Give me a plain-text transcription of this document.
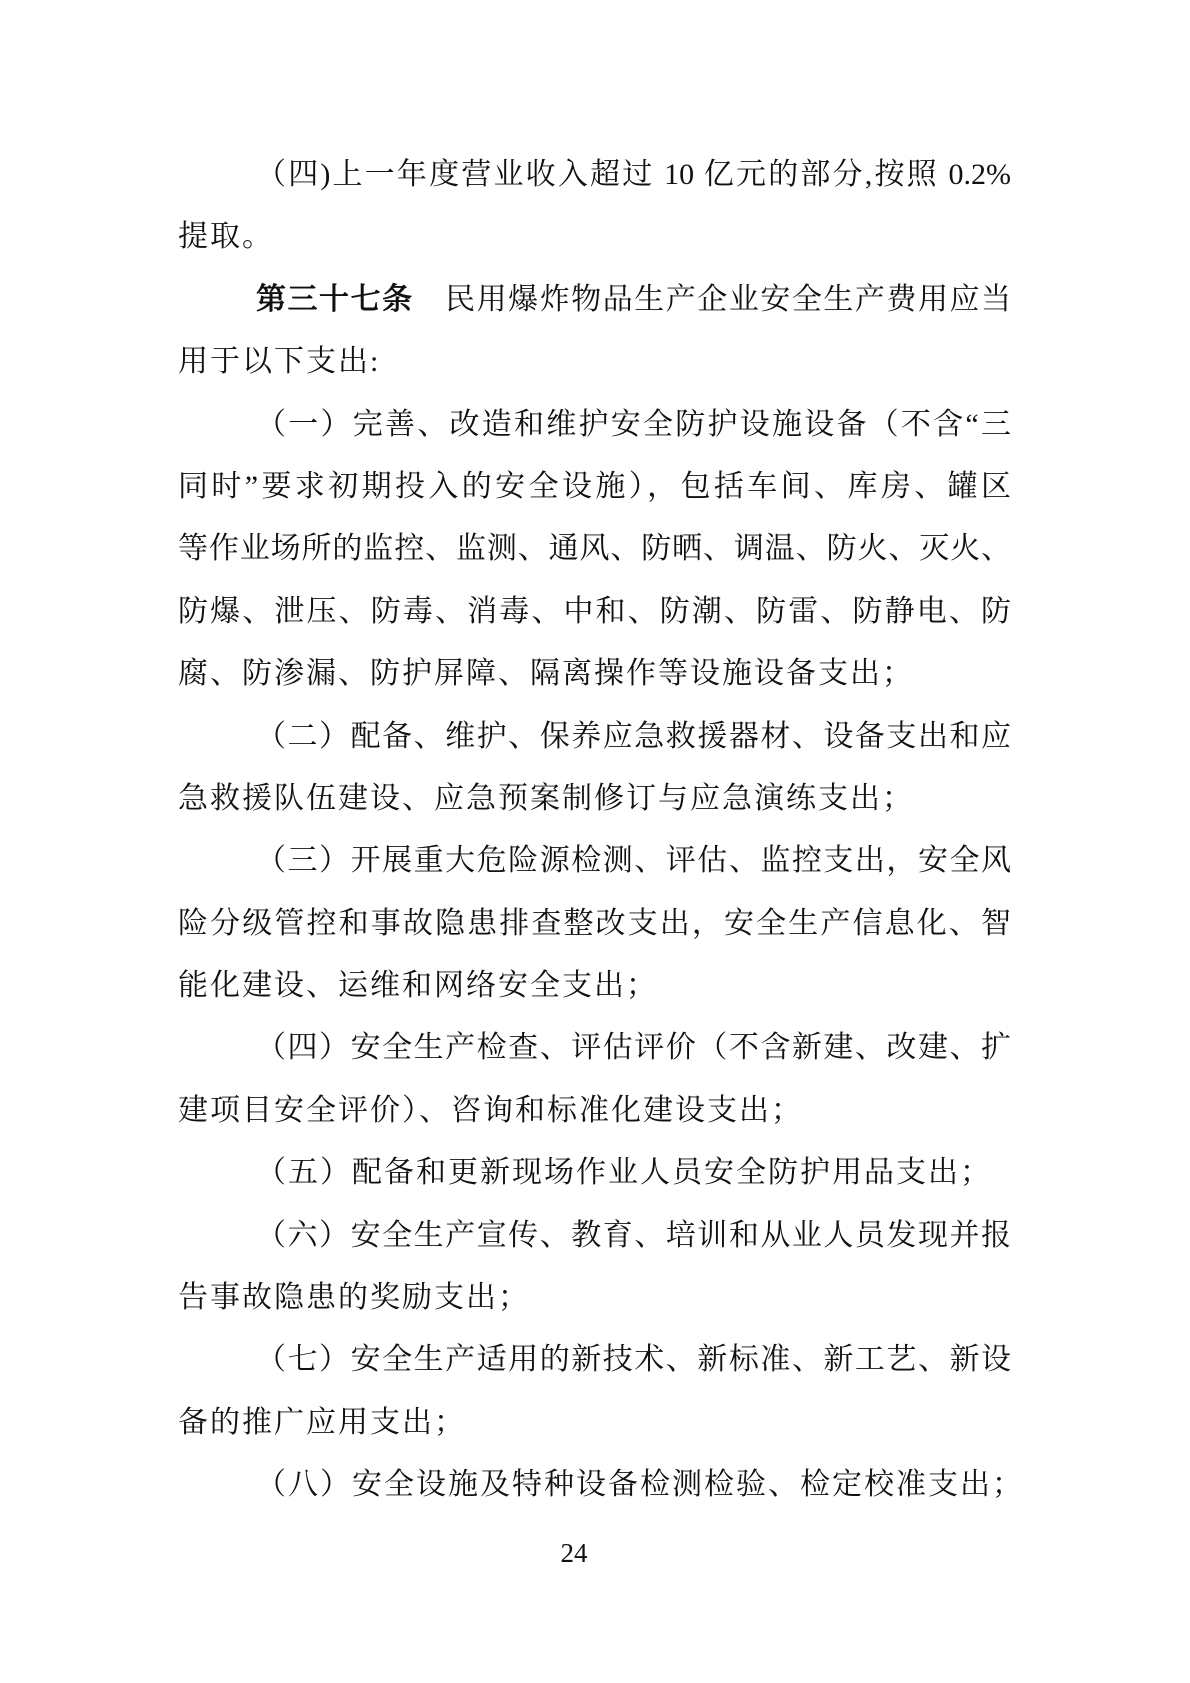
（四)上一年度营业收入超过 10 亿元的部分,按照 0.2%
提取。
第三十七条　民用爆炸物品生产企业安全生产费用应当
用于以下支出:
（一）完善、改造和维护安全防护设施设备（不含“三
同时”要求初期投入的安全设施），包括车间、库房、罐区
等作业场所的监控、监测、通风、防晒、调温、防火、灭火、
防爆、泄压、防毒、消毒、中和、防潮、防雷、防静电、防
腐、防渗漏、防护屏障、隔离操作等设施设备支出；
（二）配备、维护、保养应急救援器材、设备支出和应
急救援队伍建设、应急预案制修订与应急演练支出；
（三）开展重大危险源检测、评估、监控支出，安全风
险分级管控和事故隐患排查整改支出，安全生产信息化、智
能化建设、运维和网络安全支出；
（四）安全生产检查、评估评价（不含新建、改建、扩
建项目安全评价）、咨询和标准化建设支出；
（五）配备和更新现场作业人员安全防护用品支出；
（六）安全生产宣传、教育、培训和从业人员发现并报
告事故隐患的奖励支出；
（七）安全生产适用的新技术、新标准、新工艺、新设
备的推广应用支出；
（八）安全设施及特种设备检测检验、检定校准支出；
24
